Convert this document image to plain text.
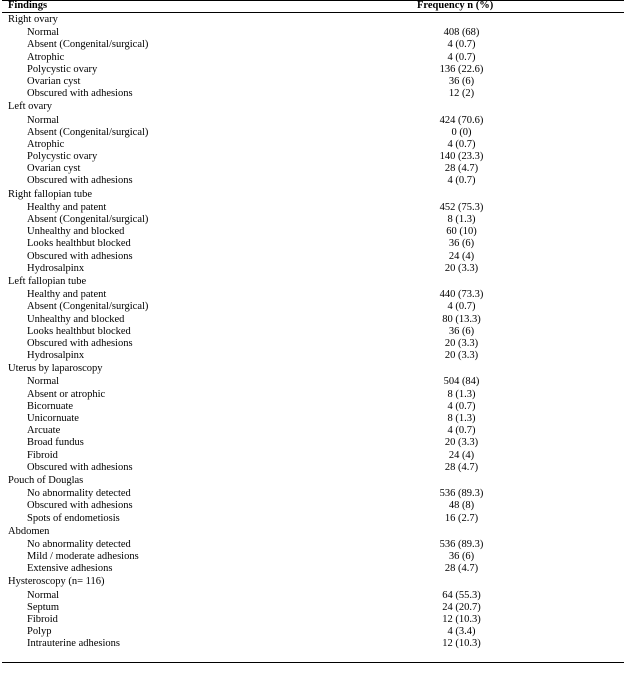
Findings	Frequency n (%)
Right ovary
Normal	408 (68)
Absent (Congenital/surgical)	4 (0.7)
Atrophic	4 (0.7)
Polycystic ovary	136 (22.6)
Ovarian cyst	36 (6)
Obscured with adhesions	12 (2)
Left ovary
Normal	424 (70.6)
Absent (Congenital/surgical)	0 (0)
Atrophic	4 (0.7)
Polycystic ovary	140 (23.3)
Ovarian cyst	28 (4.7)
Obscured with adhesions	4 (0.7)
Right fallopian tube
Healthy and patent	452 (75.3)
Absent (Congenital/surgical)	8 (1.3)
Unhealthy and blocked	60 (10)
Looks healthbut blocked	36 (6)
Obscured with adhesions	24 (4)
Hydrosalpinx	20 (3.3)
Left fallopian tube
Healthy and patent	440 (73.3)
Absent (Congenital/surgical)	4 (0.7)
Unhealthy and blocked	80 (13.3)
Looks healthbut blocked	36 (6)
Obscured with adhesions	20 (3.3)
Hydrosalpinx	20 (3.3)
Uterus by laparoscopy
Normal	504 (84)
Absent or atrophic	8 (1.3)
Bicornuate	4 (0.7)
Unicornuate	8 (1.3)
Arcuate	4 (0.7)
Broad fundus	20 (3.3)
Fibroid	24 (4)
Obscured with adhesions	28 (4.7)
Pouch of Douglas
No abnormality detected	536 (89.3)
Obscured with adhesions	48 (8)
Spots of endometiosis	16 (2.7)
Abdomen
No abnormality detected	536 (89.3)
Mild / moderate adhesions	36 (6)
Extensive adhesions	28 (4.7)
Hysteroscopy (n= 116)
Normal	64 (55.3)
Septum	24 (20.7)
Fibroid	12 (10.3)
Polyp	4 (3.4)
Intrauterine adhesions	12 (10.3)
